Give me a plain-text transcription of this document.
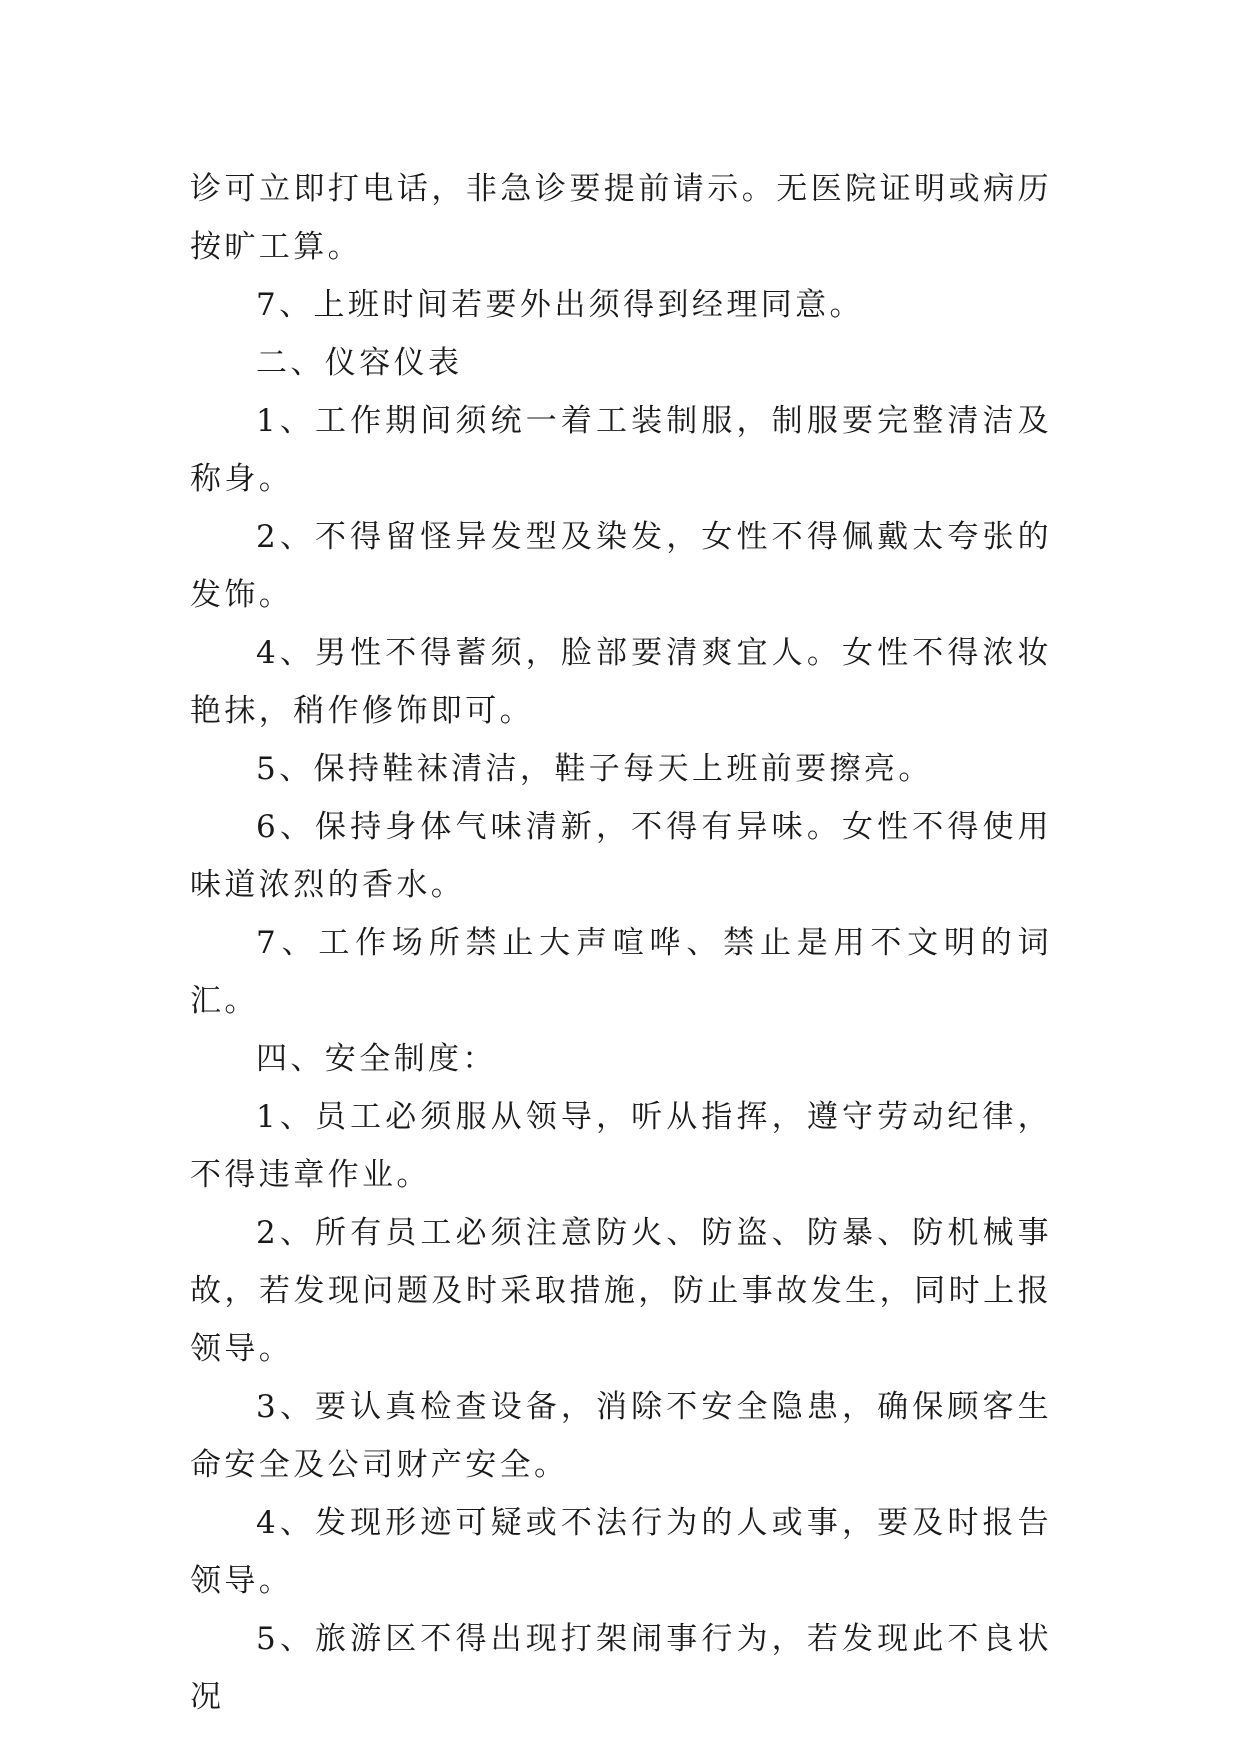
诊可立即打电话，非急诊要提前请示。无医院证明或病历按旷工算。

7、上班时间若要外出须得到经理同意。

二、仪容仪表

1、工作期间须统一着工装制服，制服要完整清洁及称身。

2、不得留怪异发型及染发，女性不得佩戴太夸张的发饰。

4、男性不得蓄须，脸部要清爽宜人。女性不得浓妆艳抹，稍作修饰即可。

5、保持鞋袜清洁，鞋子每天上班前要擦亮。

6、保持身体气味清新，不得有异味。女性不得使用味道浓烈的香水。

7、工作场所禁止大声喧哗、禁止是用不文明的词汇。

四、安全制度：

1、员工必须服从领导，听从指挥，遵守劳动纪律，不得违章作业。

2、所有员工必须注意防火、防盗、防暴、防机械事故，若发现问题及时采取措施，防止事故发生，同时上报领导。

3、要认真检查设备，消除不安全隐患，确保顾客生命安全及公司财产安全。

4、发现形迹可疑或不法行为的人或事，要及时报告领导。

5、旅游区不得出现打架闹事行为，若发现此不良状况
